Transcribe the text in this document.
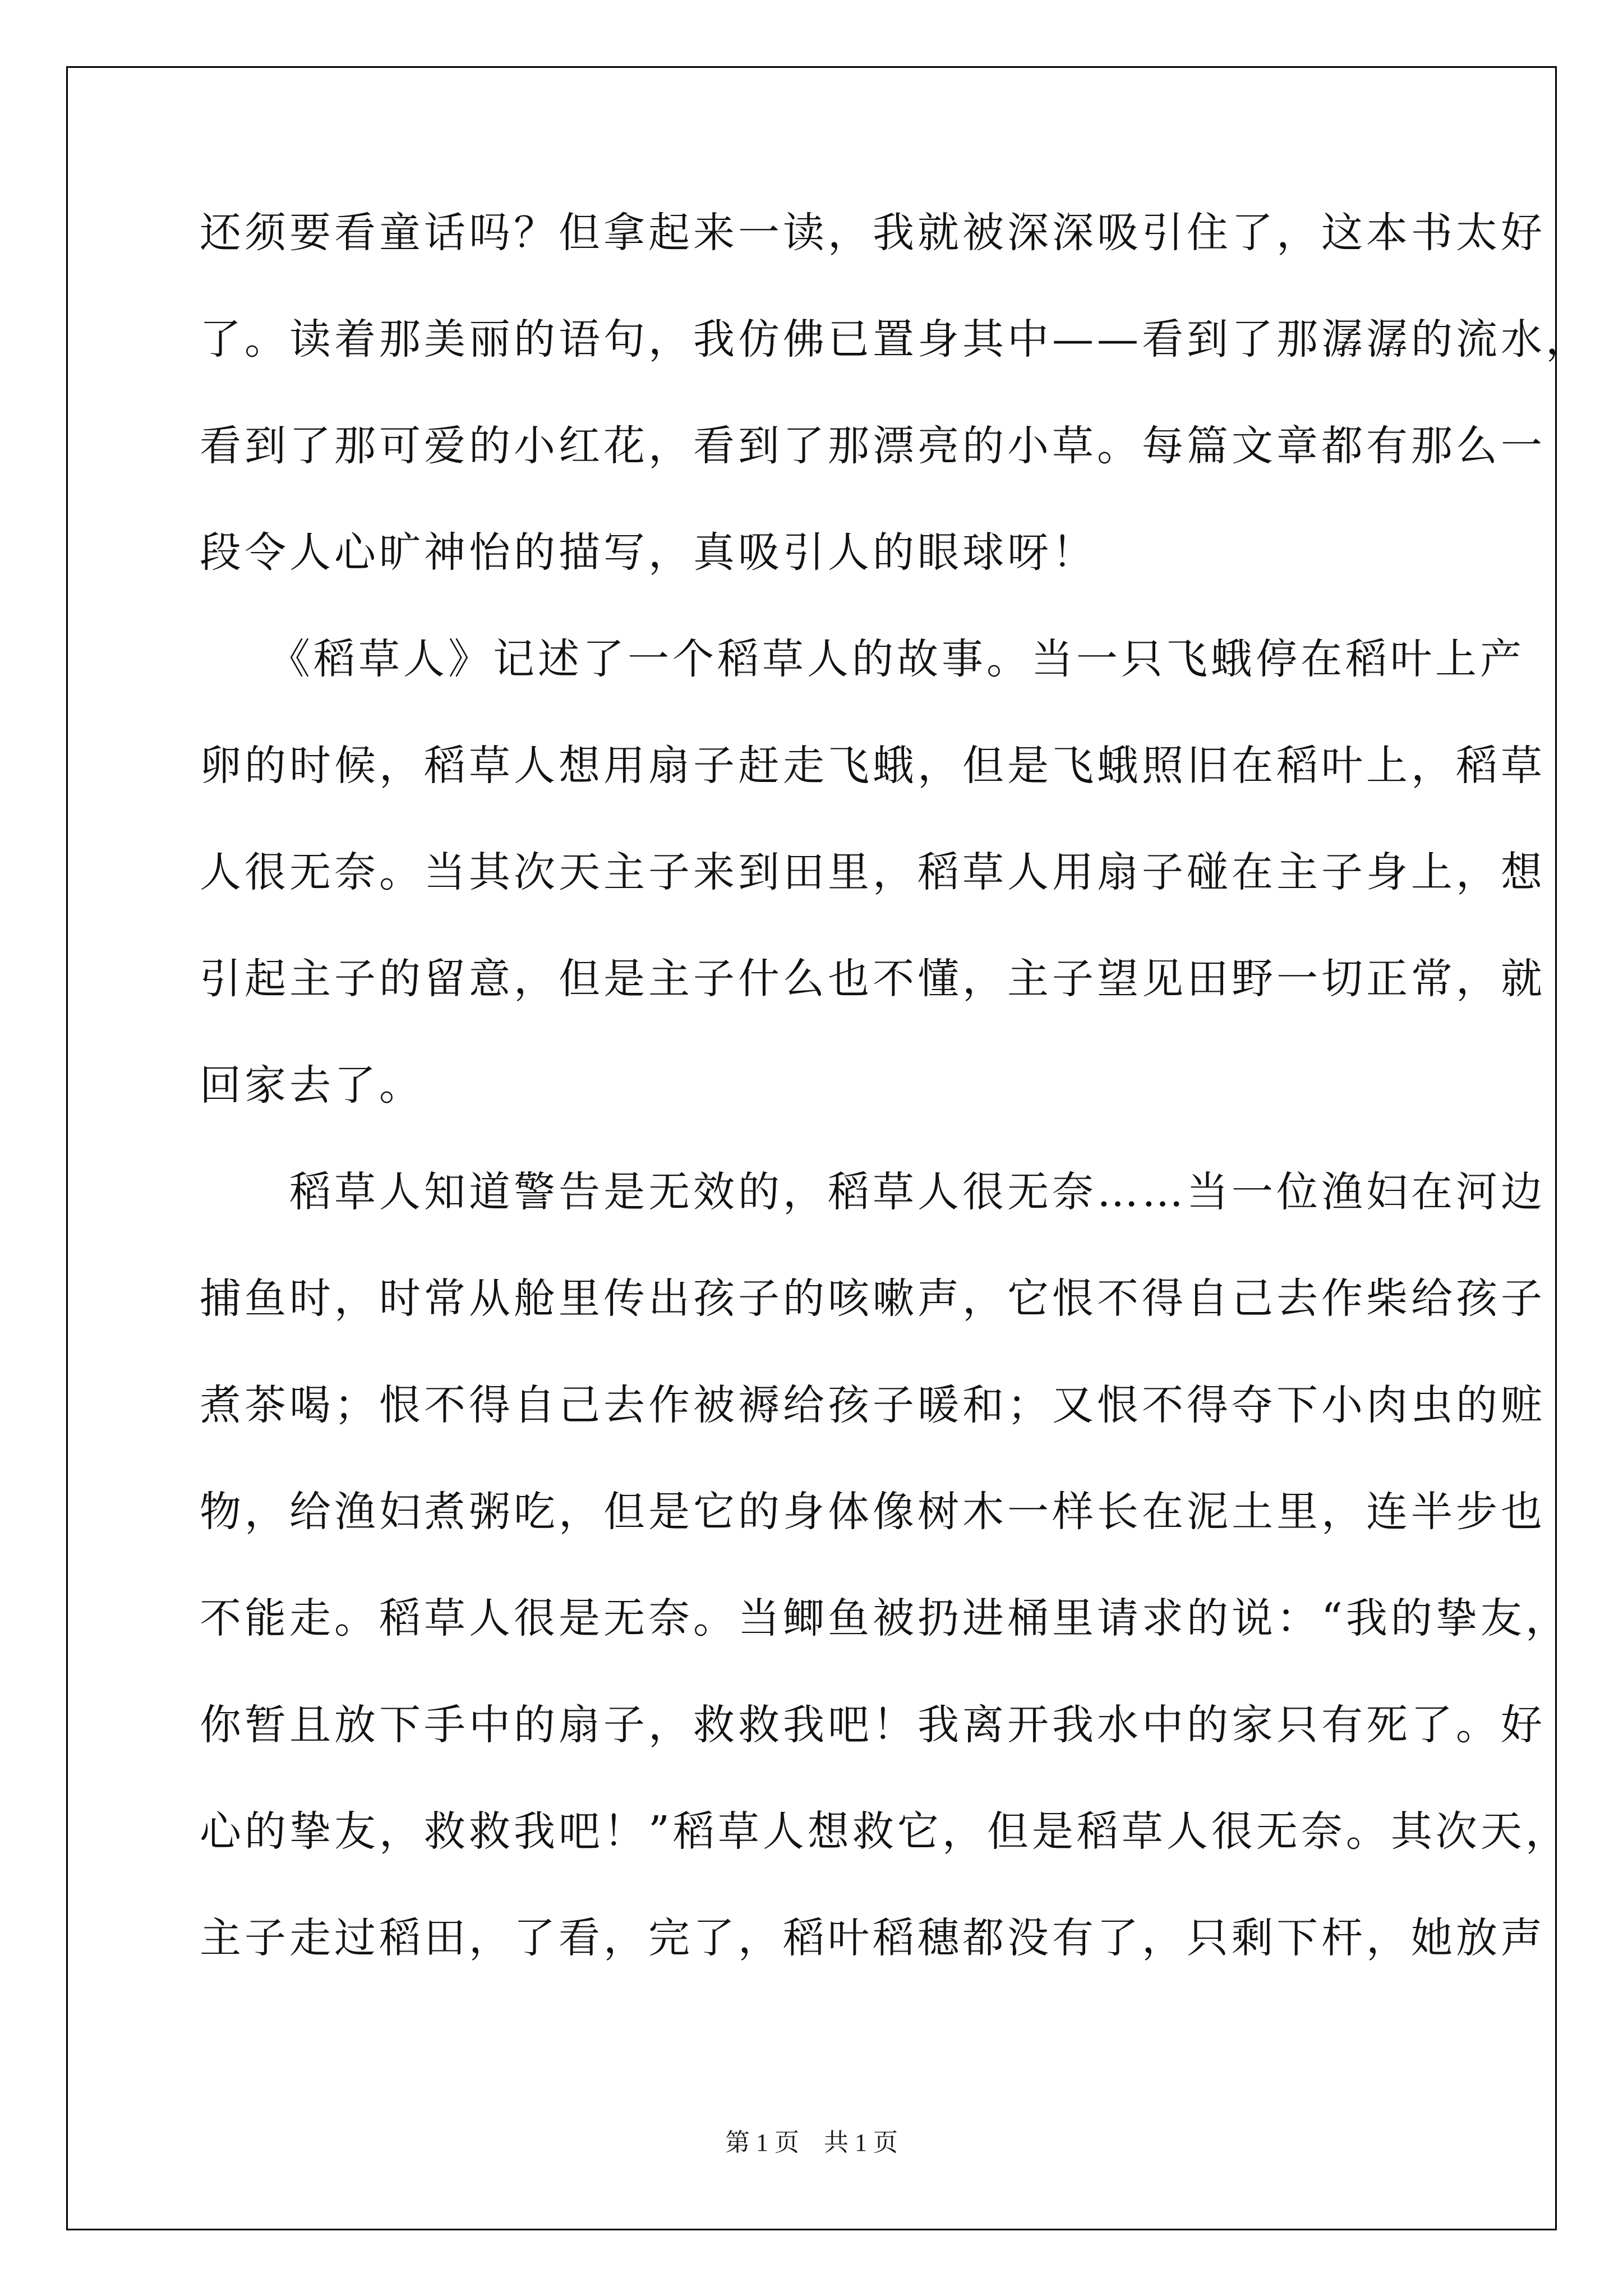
还须要看童话吗？但拿起来一读，我就被深深吸引住了，这本书太好
了。读着那美丽的语句，我仿佛已置身其中——看到了那潺潺的流水，
看到了那可爱的小红花，看到了那漂亮的小草。每篇文章都有那么一
段令人心旷神怡的描写，真吸引人的眼球呀！
　　《稻草人》记述了一个稻草人的故事。当一只飞蛾停在稻叶上产
卵的时候，稻草人想用扇子赶走飞蛾，但是飞蛾照旧在稻叶上，稻草
人很无奈。当其次天主子来到田里，稻草人用扇子碰在主子身上，想
引起主子的留意，但是主子什么也不懂，主子望见田野一切正常，就
回家去了。
　　稻草人知道警告是无效的，稻草人很无奈……当一位渔妇在河边
捕鱼时，时常从舱里传出孩子的咳嗽声，它恨不得自己去作柴给孩子
煮茶喝；恨不得自己去作被褥给孩子暖和；又恨不得夺下小肉虫的赃
物，给渔妇煮粥吃，但是它的身体像树木一样长在泥土里，连半步也
不能走。稻草人很是无奈。当鲫鱼被扔进桶里请求的说：“我的挚友，
你暂且放下手中的扇子，救救我吧！我离开我水中的家只有死了。好
心的挚友，救救我吧！”稻草人想救它，但是稻草人很无奈。其次天，
主子走过稻田，了看，完了，稻叶稻穗都没有了，只剩下杆，她放声
第 1 页　共 1 页
